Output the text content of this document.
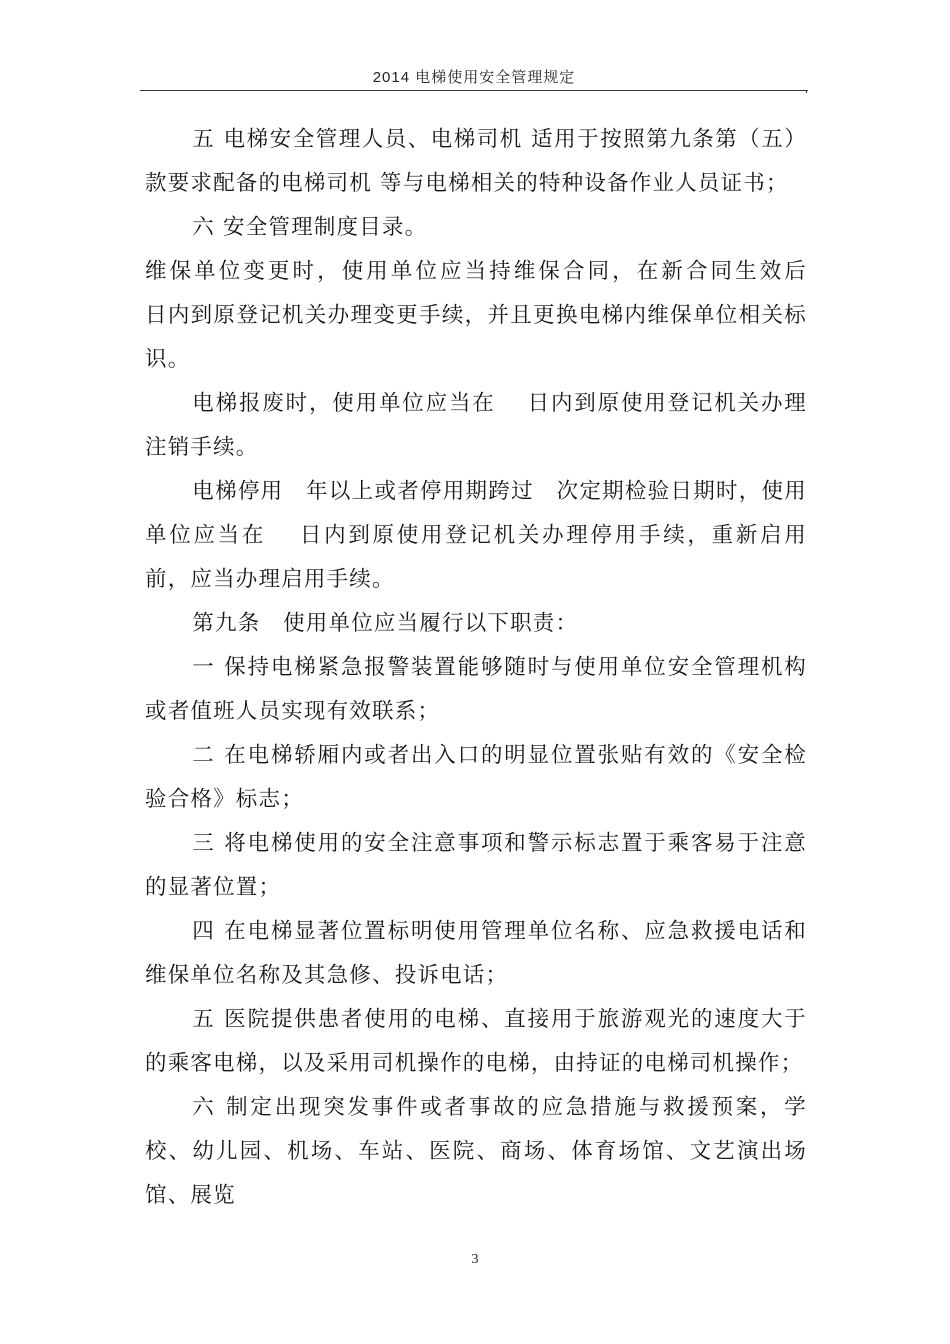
2014 电梯使用安全管理规定

五 电梯安全管理人员、电梯司机 适用于按照第九条第（五）款要求配备的电梯司机 等与电梯相关的特种设备作业人员证书；

六 安全管理制度目录。

维保单位变更时，使用单位应当持维保合同，在新合同生效后　 日内到原登记机关办理变更手续，并且更换电梯内维保单位相关标识。

电梯报废时，使用单位应当在　 日内到原使用登记机关办理注销手续。

电梯停用　年以上或者停用期跨过　次定期检验日期时，使用单位应当在　 日内到原使用登记机关办理停用手续，重新启用前，应当办理启用手续。

第九条　使用单位应当履行以下职责：

一 保持电梯紧急报警装置能够随时与使用单位安全管理机构或者值班人员实现有效联系；

二 在电梯轿厢内或者出入口的明显位置张贴有效的《安全检验合格》标志；

三 将电梯使用的安全注意事项和警示标志置于乘客易于注意的显著位置；

四 在电梯显著位置标明使用管理单位名称、应急救援电话和维保单位名称及其急修、投诉电话；

五 医院提供患者使用的电梯、直接用于旅游观光的速度大于　　的乘客电梯，以及采用司机操作的电梯，由持证的电梯司机操作；

六 制定出现突发事件或者事故的应急措施与救援预案，学校、幼儿园、机场、车站、医院、商场、体育场馆、文艺演出场馆、展览

3
